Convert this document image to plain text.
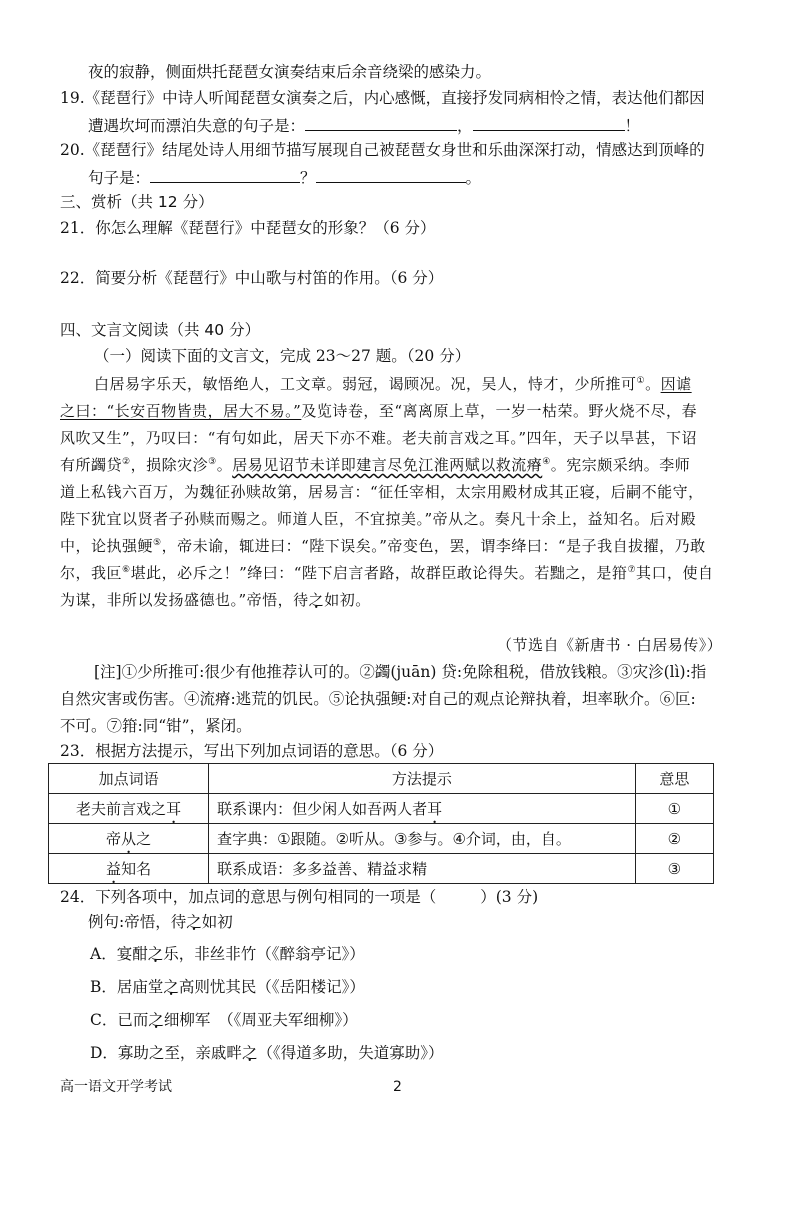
夜的寂静，侧面烘托琵琶女演奏结束后余音绕梁的感染力。
19.《琵琶行》中诗人听闻琵琶女演奏之后，内心感慨，直接抒发同病相怜之情，表达他们都因
遭遇坎坷而漂泊失意的句子是：	，	！
20.《琵琶行》结尾处诗人用细节描写展现自己被琵琶女身世和乐曲深深打动，情感达到顶峰的
句子是：	？	。
三、赏析（共 12 分）
21．你怎么理解《琵琶行》中琵琶女的形象？（6 分）
22．简要分析《琵琶行》中山歌与村笛的作用。（6 分）
四、文言文阅读（共 40 分）
（一）阅读下面的文言文，完成 23～27 题。（20 分）
白居易字乐天，敏悟绝人，工文章。弱冠，谒顾况。况，吴人，恃才，少所推可①。因谑
之曰：“长安百物皆贵，居大不易。”及览诗卷，至“离离原上草，一岁一枯荣。野火烧不尽，春
风吹又生”，乃叹曰：“有句如此，居天下亦不难。老夫前言戏之耳。”四年，天子以旱甚，下诏
有所蠲贷②，损除灾沴③。居易见诏节未详即建言尽免江淮两赋以救流瘠④。宪宗颇采纳。李师
道上私钱六百万，为魏征孙赎故第，居易言：“征任宰相，太宗用殿材成其正寝，后嗣不能守，
陛下犹宜以贤者子孙赎而赐之。师道人臣，不宜掠美。”帝从之。奏凡十余上，益知名。后对殿
中，论执强鲠⑤，帝未谕，辄进曰：“陛下误矣。”帝变色，罢，谓李绛曰：“是子我自拔擢，乃敢
尔，我叵⑥堪此，必斥之！”绛曰：“陛下启言者路，故群臣敢论得失。若黜之，是箝⑦其口，使自
为谋，非所以发扬盛德也。”帝悟，待之如初。
（节选自《新唐书 · 白居易传》）
[注]①少所推可:很少有他推荐认可的。②蠲(juān) 贷:免除租税，借放钱粮。③灾沴(lì):指
自然灾害或伤害。④流瘠:逃荒的饥民。⑤论执强鲠:对自己的观点论辩执着，坦率耿介。⑥叵:
不可。⑦箝:同“钳”，紧闭。
23．根据方法提示，写出下列加点词语的意思。（6 分）
加点词语	方法提示	意思
老夫前言戏之耳	联系课内：但少闲人如吾两人者耳	①
帝从之	查字典：①跟随。②听从。③参与。④介词，由，自。	②
益知名	联系成语：多多益善、精益求精	③
24．下列各项中，加点词的意思与例句相同的一项是（	）(3 分)
例句:帝悟，待之如初
A．宴酣之乐，非丝非竹（《醉翁亭记》）
B．居庙堂之高则忧其民（《岳阳楼记》）
C．已而之细柳军　（《周亚夫军细柳》）
D．寡助之至，亲戚畔之（《得道多助，失道寡助》）
高一语文开学考试	2
